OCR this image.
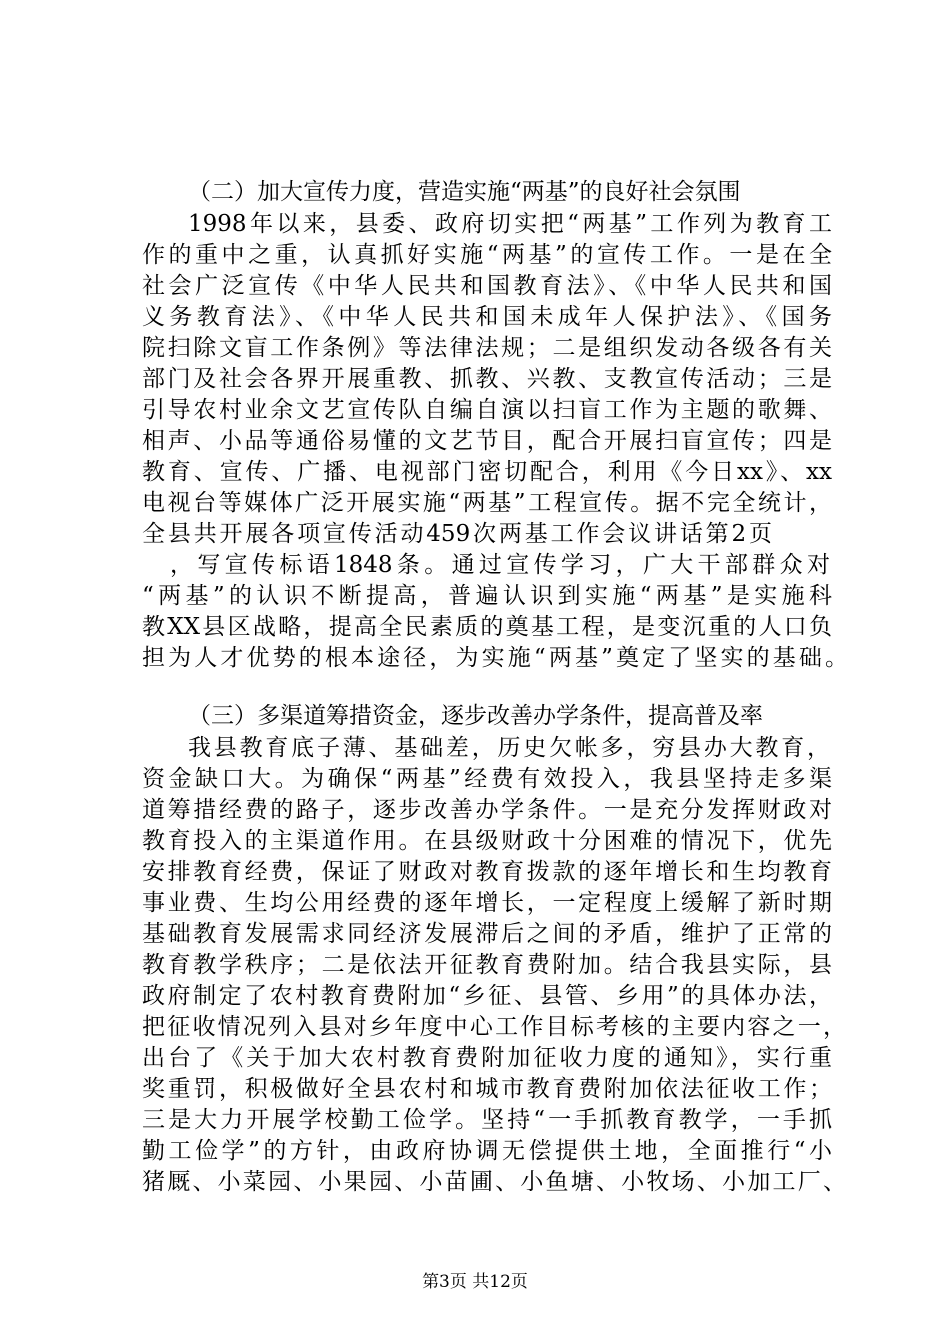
（二）加大宣传力度，营造实施“两基”的良好社会氛围
1998年以来，县委、政府切实把“两基”工作列为教育工
作的重中之重，认真抓好实施“两基”的宣传工作。一是在全
社会广泛宣传《中华人民共和国教育法》、《中华人民共和国
义务教育法》、《中华人民共和国未成年人保护法》、《国务
院扫除文盲工作条例》等法律法规；二是组织发动各级各有关
部门及社会各界开展重教、抓教、兴教、支教宣传活动；三是
引导农村业余文艺宣传队自编自演以扫盲工作为主题的歌舞、
相声、小品等通俗易懂的文艺节目，配合开展扫盲宣传；四是
教育、宣传、广播、电视部门密切配合，利用《今日xx》、xx
电视台等媒体广泛开展实施“两基”工程宣传。据不完全统计，
全县共开展各项宣传活动459次两基工作会议讲话第2页
，写宣传标语1848条。通过宣传学习，广大干部群众对
“两基”的认识不断提高，普遍认识到实施“两基”是实施科
教XX县区战略，提高全民素质的奠基工程，是变沉重的人口负
担为人才优势的根本途径，为实施“两基”奠定了坚实的基础。
（三）多渠道筹措资金，逐步改善办学条件，提高普及率
我县教育底子薄、基础差，历史欠帐多，穷县办大教育，
资金缺口大。为确保“两基”经费有效投入，我县坚持走多渠
道筹措经费的路子，逐步改善办学条件。一是充分发挥财政对
教育投入的主渠道作用。在县级财政十分困难的情况下，优先
安排教育经费，保证了财政对教育拨款的逐年增长和生均教育
事业费、生均公用经费的逐年增长，一定程度上缓解了新时期
基础教育发展需求同经济发展滞后之间的矛盾，维护了正常的
教育教学秩序；二是依法开征教育费附加。结合我县实际，县
政府制定了农村教育费附加“乡征、县管、乡用”的具体办法，
把征收情况列入县对乡年度中心工作目标考核的主要内容之一，
出台了《关于加大农村教育费附加征收力度的通知》，实行重
奖重罚，积极做好全县农村和城市教育费附加依法征收工作；
三是大力开展学校勤工俭学。坚持“一手抓教育教学，一手抓
勤工俭学”的方针，由政府协调无偿提供土地，全面推行“小
猪厩、小菜园、小果园、小苗圃、小鱼塘、小牧场、小加工厂、
第3页 共12页
